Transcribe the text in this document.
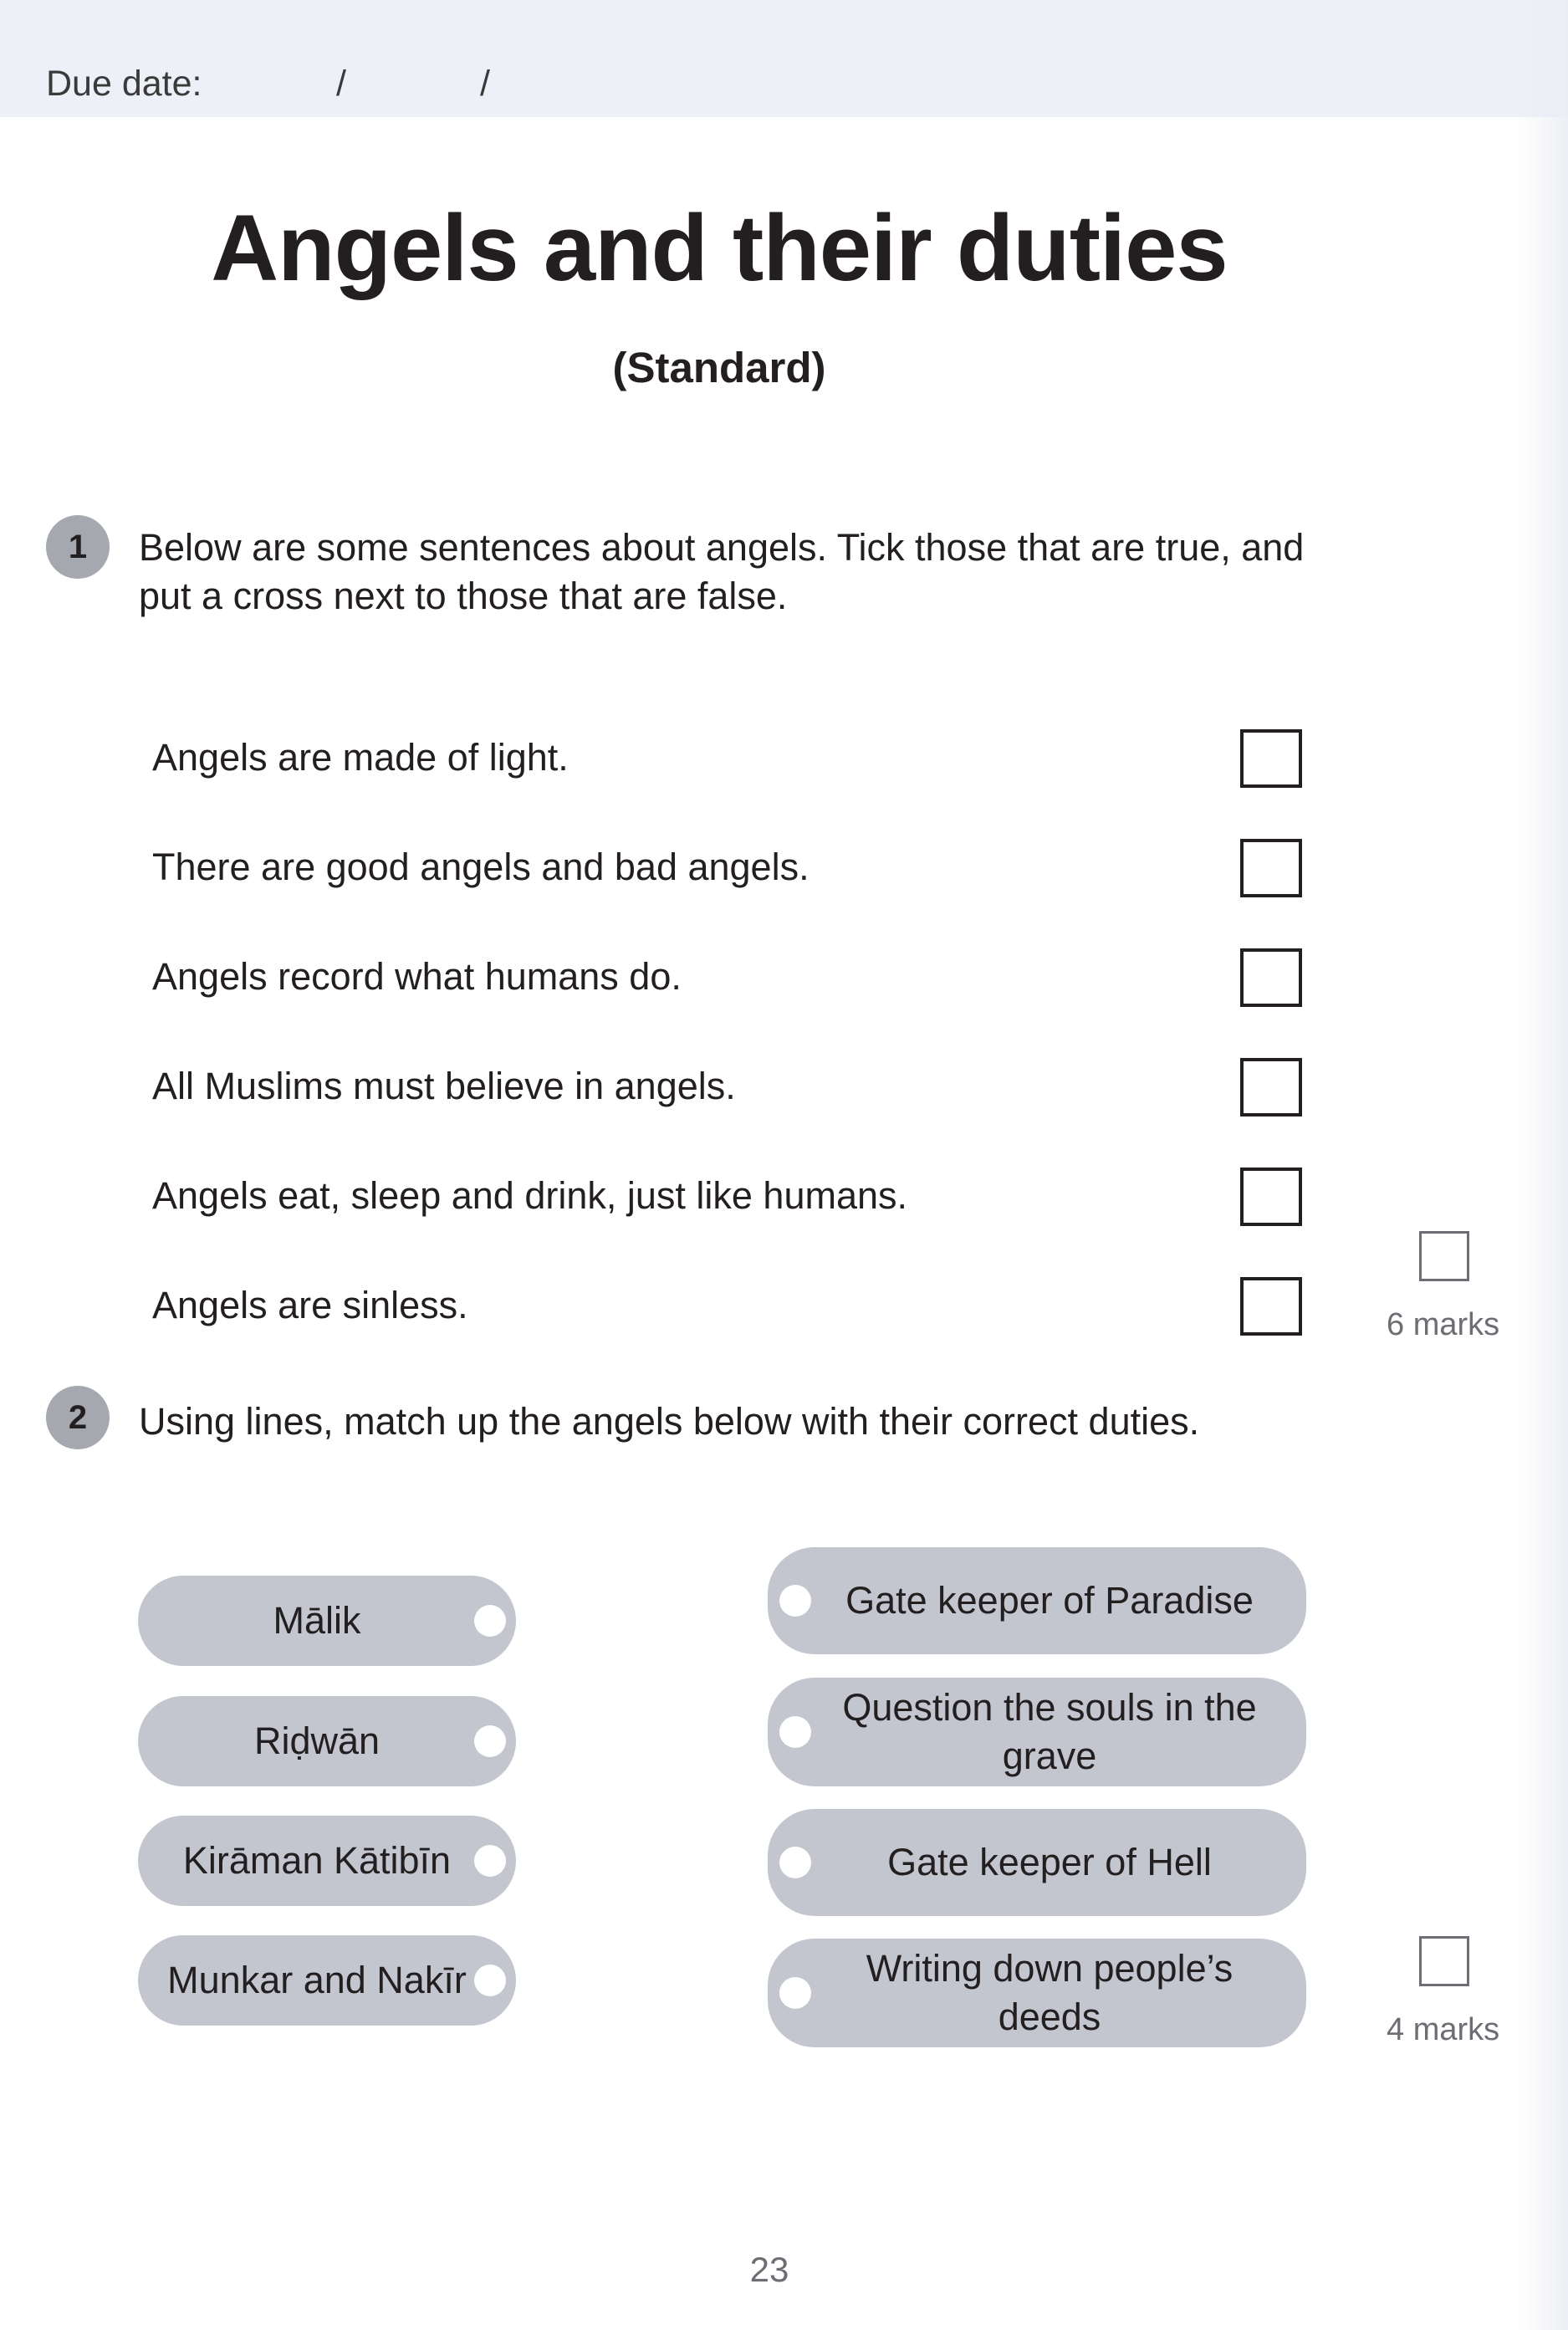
Due date:	/	/
Angels and their duties
(Standard)
1	Below are some sentences about angels. Tick those that are true, and
put a cross next to those that are false.
Angels are made of light.
There are good angels and bad angels.
Angels record what humans do.
All Muslims must believe in angels.
Angels eat, sleep and drink, just like humans.
Angels are sinless.	6 marks
2	Using lines, match up the angels below with their correct duties.
Mālik
Riḍwān
Kirāman Kātibīn
Munkar and Nakīr
Gate keeper of Paradise
Question the souls in the
grave
Gate keeper of Hell
Writing down people’s
deeds	4 marks
23
